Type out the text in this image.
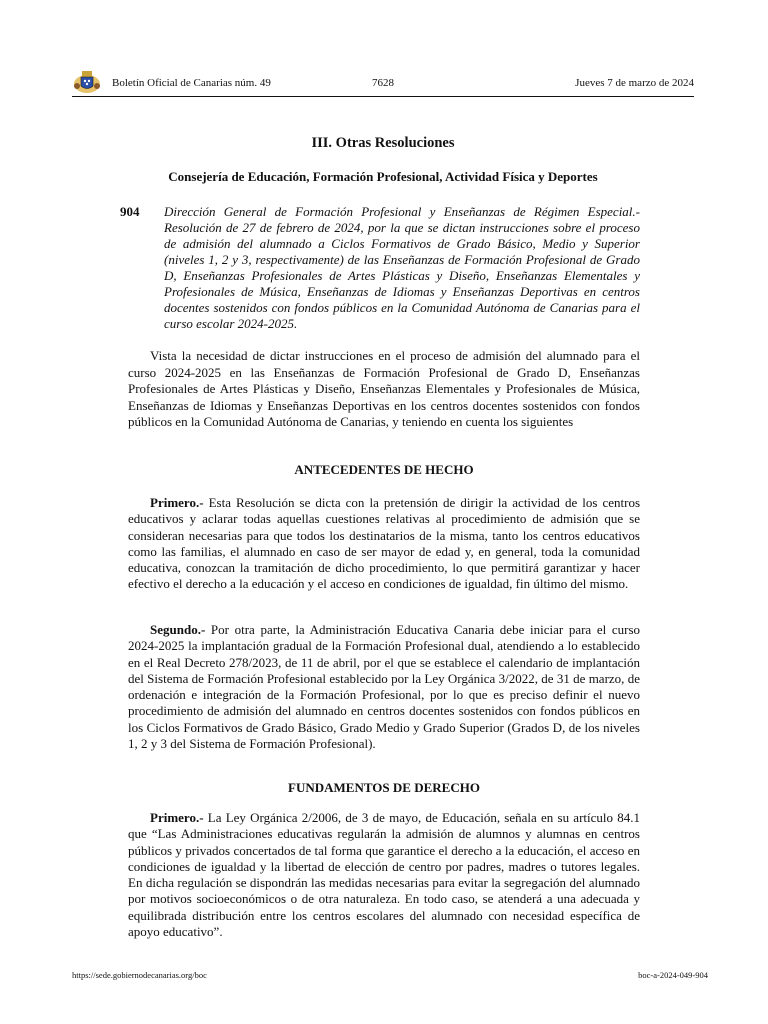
Boletín Oficial de Canarias núm. 49	7628	Jueves 7 de marzo de 2024
III. Otras Resoluciones
Consejería de Educación, Formación Profesional, Actividad Física y Deportes
904 Dirección General de Formación Profesional y Enseñanzas de Régimen Especial.- Resolución de 27 de febrero de 2024, por la que se dictan instrucciones sobre el proceso de admisión del alumnado a Ciclos Formativos de Grado Básico, Medio y Superior (niveles 1, 2 y 3, respectivamente) de las Enseñanzas de Formación Profesional de Grado D, Enseñanzas Profesionales de Artes Plásticas y Diseño, Enseñanzas Elementales y Profesionales de Música, Enseñanzas de Idiomas y Enseñanzas Deportivas en centros docentes sostenidos con fondos públicos en la Comunidad Autónoma de Canarias para el curso escolar 2024-2025.
Vista la necesidad de dictar instrucciones en el proceso de admisión del alumnado para el curso 2024-2025 en las Enseñanzas de Formación Profesional de Grado D, Enseñanzas Profesionales de Artes Plásticas y Diseño, Enseñanzas Elementales y Profesionales de Música, Enseñanzas de Idiomas y Enseñanzas Deportivas en los centros docentes sostenidos con fondos públicos en la Comunidad Autónoma de Canarias, y teniendo en cuenta los siguientes
ANTECEDENTES DE HECHO
Primero.- Esta Resolución se dicta con la pretensión de dirigir la actividad de los centros educativos y aclarar todas aquellas cuestiones relativas al procedimiento de admisión que se consideran necesarias para que todos los destinatarios de la misma, tanto los centros educativos como las familias, el alumnado en caso de ser mayor de edad y, en general, toda la comunidad educativa, conozcan la tramitación de dicho procedimiento, lo que permitirá garantizar y hacer efectivo el derecho a la educación y el acceso en condiciones de igualdad, fin último del mismo.
Segundo.- Por otra parte, la Administración Educativa Canaria debe iniciar para el curso 2024-2025 la implantación gradual de la Formación Profesional dual, atendiendo a lo establecido en el Real Decreto 278/2023, de 11 de abril, por el que se establece el calendario de implantación del Sistema de Formación Profesional establecido por la Ley Orgánica 3/2022, de 31 de marzo, de ordenación e integración de la Formación Profesional, por lo que es preciso definir el nuevo procedimiento de admisión del alumnado en centros docentes sostenidos con fondos públicos en los Ciclos Formativos de Grado Básico, Grado Medio y Grado Superior (Grados D, de los niveles 1, 2 y 3 del Sistema de Formación Profesional).
FUNDAMENTOS DE DERECHO
Primero.- La Ley Orgánica 2/2006, de 3 de mayo, de Educación, señala en su artículo 84.1 que “Las Administraciones educativas regularán la admisión de alumnos y alumnas en centros públicos y privados concertados de tal forma que garantice el derecho a la educación, el acceso en condiciones de igualdad y la libertad de elección de centro por padres, madres o tutores legales. En dicha regulación se dispondrán las medidas necesarias para evitar la segregación del alumnado por motivos socioeconómicos o de otra naturaleza. En todo caso, se atenderá a una adecuada y equilibrada distribución entre los centros escolares del alumnado con necesidad específica de apoyo educativo”.
https://sede.gobiernodecanarias.org/boc	boc-a-2024-049-904
